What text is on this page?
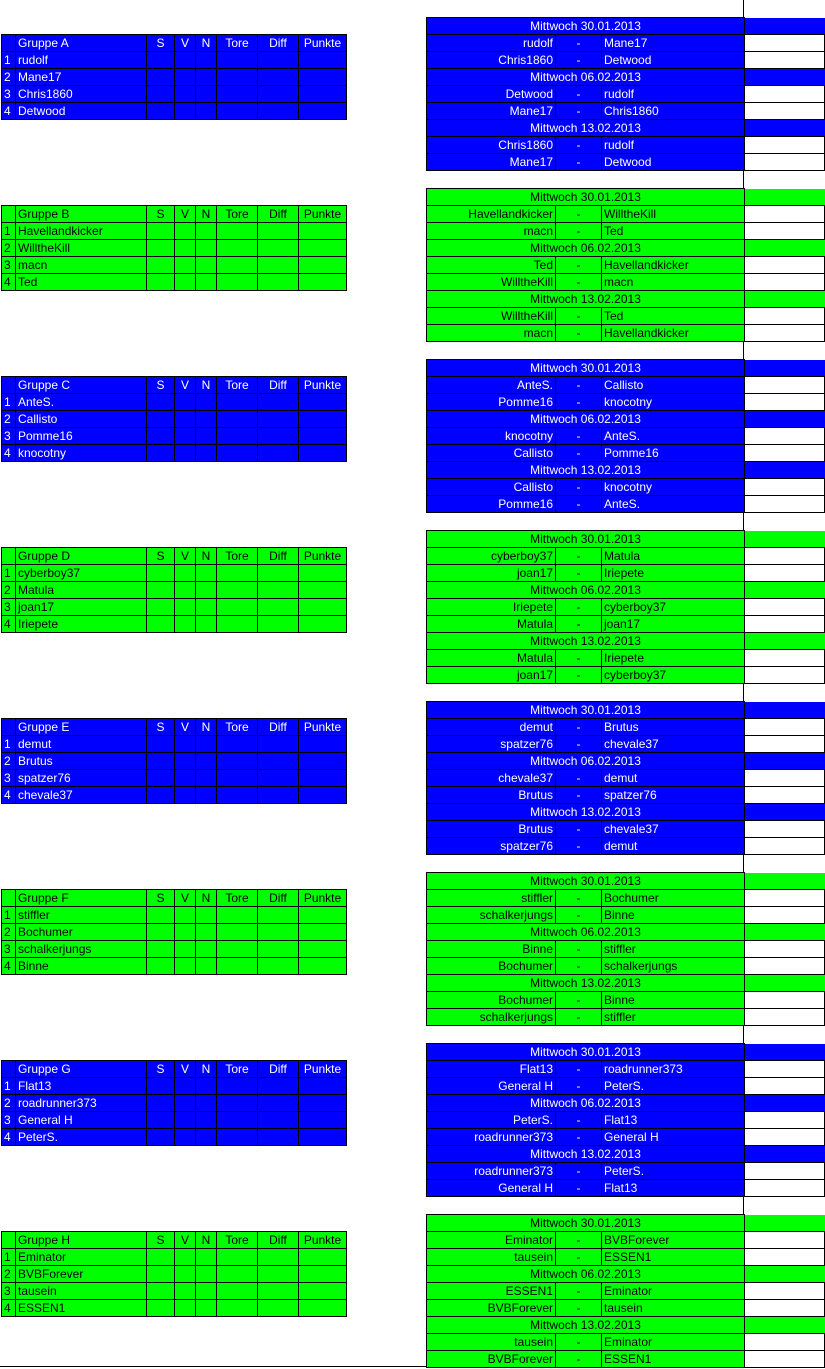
	Gruppe A	S	V	N	Tore	Diff	Punkte
1	rudolf						
2	Mane17						
3	Chris1860						
4	Detwood						
Mittwoch 30.01.2013			
rudolf	-	Mane17	
Chris1860	-	Detwood	
Mittwoch 06.02.2013			
Detwood	-	rudolf	
Mane17	-	Chris1860	
Mittwoch 13.02.2013			
Chris1860	-	rudolf	
Mane17	-	Detwood	
	Gruppe B	S	V	N	Tore	Diff	Punkte
1	Havellandkicker						
2	WilltheKill						
3	macn						
4	Ted						
Mittwoch 30.01.2013			
Havellandkicker	-	WilltheKill	
macn	-	Ted	
Mittwoch 06.02.2013			
Ted	-	Havellandkicker	
WilltheKill	-	macn	
Mittwoch 13.02.2013			
WilltheKill	-	Ted	
macn	-	Havellandkicker	
	Gruppe C	S	V	N	Tore	Diff	Punkte
1	AnteS.						
2	Callisto						
3	Pomme16						
4	knocotny						
Mittwoch 30.01.2013			
AnteS.	-	Callisto	
Pomme16	-	knocotny	
Mittwoch 06.02.2013			
knocotny	-	AnteS.	
Callisto	-	Pomme16	
Mittwoch 13.02.2013			
Callisto	-	knocotny	
Pomme16	-	AnteS.	
	Gruppe D	S	V	N	Tore	Diff	Punkte
1	cyberboy37						
2	Matula						
3	joan17						
4	Iriepete						
Mittwoch 30.01.2013			
cyberboy37	-	Matula	
joan17	-	Iriepete	
Mittwoch 06.02.2013			
Iriepete	-	cyberboy37	
Matula	-	joan17	
Mittwoch 13.02.2013			
Matula	-	Iriepete	
joan17	-	cyberboy37	
	Gruppe E	S	V	N	Tore	Diff	Punkte
1	demut						
2	Brutus						
3	spatzer76						
4	chevale37						
Mittwoch 30.01.2013			
demut	-	Brutus	
spatzer76	-	chevale37	
Mittwoch 06.02.2013			
chevale37	-	demut	
Brutus	-	spatzer76	
Mittwoch 13.02.2013			
Brutus	-	chevale37	
spatzer76	-	demut	
	Gruppe F	S	V	N	Tore	Diff	Punkte
1	stiffler						
2	Bochumer						
3	schalkerjungs						
4	Binne						
Mittwoch 30.01.2013			
stiffler	-	Bochumer	
schalkerjungs	-	Binne	
Mittwoch 06.02.2013			
Binne	-	stiffler	
Bochumer	-	schalkerjungs	
Mittwoch 13.02.2013			
Bochumer	-	Binne	
schalkerjungs	-	stiffler	
	Gruppe G	S	V	N	Tore	Diff	Punkte
1	Flat13						
2	roadrunner373						
3	General H						
4	PeterS.						
Mittwoch 30.01.2013			
Flat13	-	roadrunner373	
General H	-	PeterS.	
Mittwoch 06.02.2013			
PeterS.	-	Flat13	
roadrunner373	-	General H	
Mittwoch 13.02.2013			
roadrunner373	-	PeterS.	
General H	-	Flat13	
	Gruppe H	S	V	N	Tore	Diff	Punkte
1	Eminator						
2	BVBForever						
3	tausein						
4	ESSEN1						
Mittwoch 30.01.2013			
Eminator	-	BVBForever	
tausein	-	ESSEN1	
Mittwoch 06.02.2013			
ESSEN1	-	Eminator	
BVBForever	-	tausein	
Mittwoch 13.02.2013			
tausein	-	Eminator	
BVBForever	-	ESSEN1	
